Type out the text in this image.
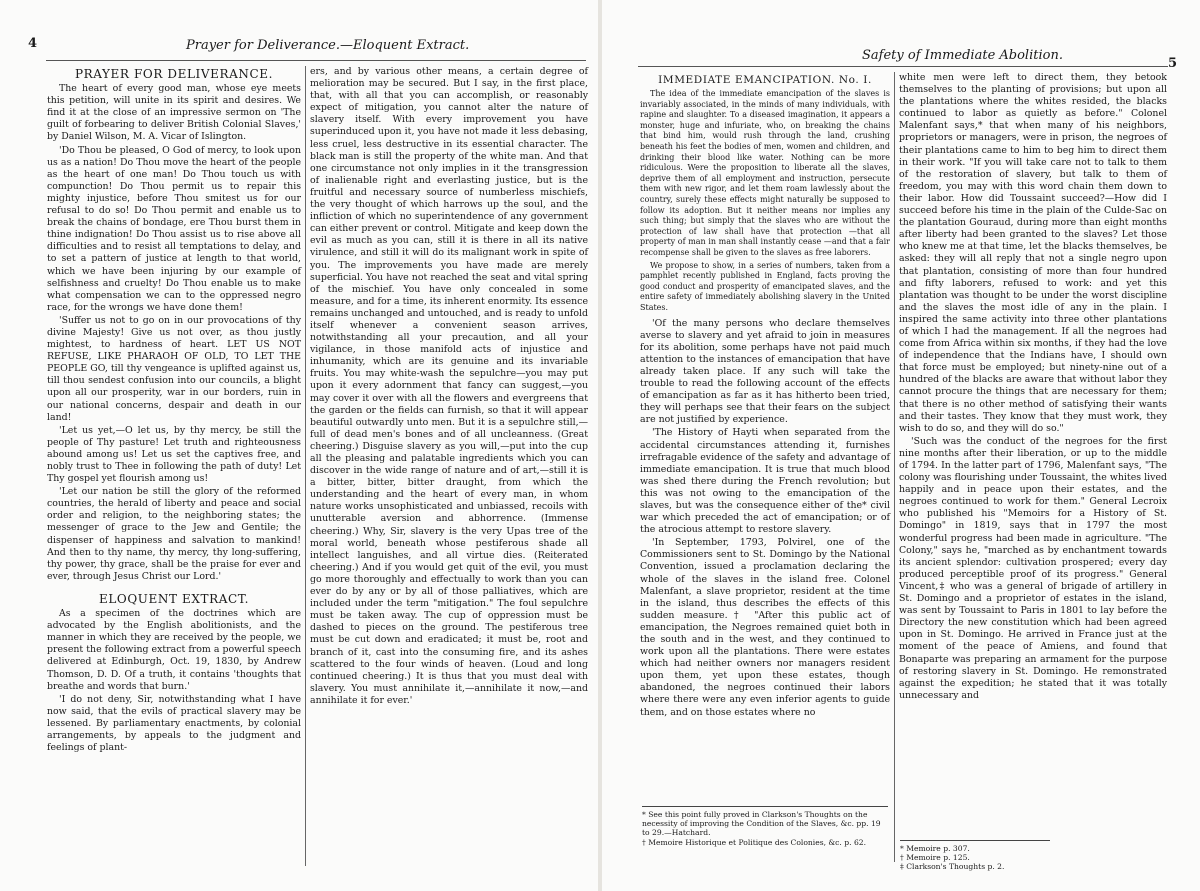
4	Prayer for Deliverance.—Eloquent Extract.
PRAYER FOR DELIVERANCE.

The heart of every good man, whose eye meets this petition, will unite in its spirit and desires. We find it at the close of an impressive sermon on 'The guilt of forbearing to deliver British Colonial Slaves,' by Daniel Wilson, M. A. Vicar of Islington.

'Do Thou be pleased, O God of mercy, to look upon us as a nation! Do Thou move the heart of the people as the heart of one man! Do Thou touch us with compunction! Do Thou permit us to repair this mighty injustice, before Thou smitest us for our refusal to do so! Do Thou permit and enable us to break the chains of bondage, ere Thou burst them in thine indignation! Do Thou assist us to rise above all difficulties and to resist all temptations to delay, and to set a pattern of justice at length to that world, which we have been injuring by our example of selfishness and cruelty! Do Thou enable us to make what compensation we can to the oppressed negro race, for the wrongs we have done them!

'Suffer us not to go on in our provocations of thy divine Majesty! Give us not over, as thou justly mightest, to hardness of heart. LET US NOT REFUSE, LIKE PHARAOH OF OLD, TO LET THE PEOPLE GO, till thy vengeance is uplifted against us, till thou sendest confusion into our councils, a blight upon all our prosperity, war in our borders, ruin in our national concerns, despair and death in our land!

'Let us yet,—O let us, by thy mercy, be still the people of Thy pasture! Let truth and righteousness abound among us! Let us set the captives free, and nobly trust to Thee in following the path of duty! Let Thy gospel yet flourish among us!

'Let our nation be still the glory of the reformed countries, the herald of liberty and peace and social order and religion, to the neighboring states; the messenger of grace to the Jew and Gentile; the dispenser of happiness and salvation to mankind! And then to thy name, thy mercy, thy long-suffering, thy power, thy grace, shall be the praise for ever and ever, through Jesus Christ our Lord.'

ELOQUENT EXTRACT.

As a specimen of the doctrines which are advocated by the English abolitionists, and the manner in which they are received by the people, we present the following extract from a powerful speech delivered at Edinburgh, Oct. 19, 1830, by Andrew Thomson, D. D. Of a truth, it contains 'thoughts that breathe and words that burn.'

'I do not deny, Sir, notwithstanding what I have now said, that the evils of practical slavery may be lessened. By parliamentary enactments, by colonial arrangements, by appeals to the judgment and feelings of plant-

ers, and by various other means, a certain degree of melioration may be secured. But I say, in the first place, that, with all that you can accomplish, or reasonably expect of mitigation, you cannot alter the nature of slavery itself. With every improvement you have superinduced upon it, you have not made it less debasing, less cruel, less destructive in its essential character. The black man is still the property of the white man. And that one circumstance not only implies in it the transgression of inalienable right and everlasting justice, but is the fruitful and necessary source of numberless mischiefs, the very thought of which harrows up the soul, and the infliction of which no superintendence of any government can either prevent or control. Mitigate and keep down the evil as much as you can, still it is there in all its native virulence, and still it will do its malignant work in spite of you. The improvements you have made are merely superficial. You have not reached the seat and vital spring of the mischief. You have only concealed in some measure, and for a time, its inherent enormity. Its essence remains unchanged and untouched, and is ready to unfold itself whenever a convenient season arrives, notwithstanding all your precaution, and all your vigilance, in those manifold acts of injustice and inhumanity, which are its genuine and its invariable fruits. You may white-wash the sepulchre—you may put upon it every adornment that fancy can suggest,—you may cover it over with all the flowers and evergreens that the garden or the fields can furnish, so that it will appear beautiful outwardly unto men. But it is a sepulchre still,—full of dead men's bones and of all uncleanness. (Great cheering.) Disguise slavery as you will,—put into the cup all the pleasing and palatable ingredients which you can discover in the wide range of nature and of art,—still it is a bitter, bitter, bitter draught, from which the understanding and the heart of every man, in whom nature works unsophisticated and unbiassed, recoils with unutterable aversion and abhorrence. (Immense cheering.) Why, Sir, slavery is the very Upas tree of the moral world, beneath whose pestiferous shade all intellect languishes, and all virtue dies. (Reiterated cheering.) And if you would get quit of the evil, you must go more thoroughly and effectually to work than you can ever do by any or by all of those palliatives, which are included under the term "mitigation." The foul sepulchre must be taken away. The cup of oppression must be dashed to pieces on the ground. The pestiferous tree must be cut down and eradicated; it must be, root and branch of it, cast into the consuming fire, and its ashes scattered to the four winds of heaven. (Loud and long continued cheering.) It is thus that you must deal with slavery. You must annihilate it,—annihilate it now,—and annihilate it for ever.'

Safety of Immediate Abolition.
5
IMMEDIATE EMANCIPATION. No. I.

The idea of the immediate emancipation of the slaves is invariably associated, in the minds of many individuals, with rapine and slaughter. To a diseased imagination, it appears a monster, huge and infuriate, who, on breaking the chains that bind him, would rush through the land, crushing beneath his feet the bodies of men, women and children, and drinking their blood like water. Nothing can be more ridiculous. Were the proposition to liberate all the slaves, deprive them of all employment and instruction, persecute them with new rigor, and let them roam lawlessly about the country, surely these effects might naturally be supposed to follow its adoption. But it neither means nor implies any such thing; but simply that the slaves who are without the protection of law shall have that protection —that all property of man in man shall instantly cease —and that a fair recompense shall be given to the slaves as free laborers.

We propose to show, in a series of numbers, taken from a pamphlet recently published in England, facts proving the good conduct and prosperity of emancipated slaves, and the entire safety of immediately abolishing slavery in the United States.

'Of the many persons who declare themselves averse to slavery and yet afraid to join in measures for its abolition, some perhaps have not paid much attention to the instances of emancipation that have already taken place. If any such will take the trouble to read the following account of the effects of emancipation as far as it has hitherto been tried, they will perhaps see that their fears on the subject are not justified by experience.

'The History of Hayti when separated from the accidental circumstances attending it, furnishes irrefragable evidence of the safety and advantage of immediate emancipation. It is true that much blood was shed there during the French revolution; but this was not owing to the emancipation of the slaves, but was the consequence either of the* civil war which preceded the act of emancipation; or of the atrocious attempt to restore slavery.

'In September, 1793, Polvirel, one of the Commissioners sent to St. Domingo by the National Convention, issued a proclamation declaring the whole of the slaves in the island free. Colonel Malenfant, a slave proprietor, resident at the time in the island, thus describes the effects of this sudden measure.† "After this public act of emancipation, the Negroes remained quiet both in the south and in the west, and they continued to work upon all the plantations. There were estates which had neither owners nor managers resident upon them, yet upon these estates, though abandoned, the negroes continued their labors where there were any even inferior agents to guide them, and on those estates where no

* See this point fully proved in Clarkson's Thoughts on the necessity of improving the Condition of the Slaves, &c. pp. 19 to 29.—Hatchard.
† Memoire Historique et Politique des Colonies, &c. p. 62.

white men were left to direct them, they betook themselves to the planting of provisions; but upon all the plantations where the whites resided, the blacks continued to labor as quietly as before." Colonel Malenfant says,* that when many of his neighbors, proprietors or managers, were in prison, the negroes of their plantations came to him to beg him to direct them in their work. "If you will take care not to talk to them of the restoration of slavery, but talk to them of freedom, you may with this word chain them down to their labor. How did Toussaint succeed?—How did I succeed before his time in the plain of the Culde-Sac on the plantation Gouraud, during more than eight months after liberty had been granted to the slaves? Let those who knew me at that time, let the blacks themselves, be asked: they will all reply that not a single negro upon that plantation, consisting of more than four hundred and fifty laborers, refused to work: and yet this plantation was thought to be under the worst discipline and the slaves the most idle of any in the plain. I inspired the same activity into three other plantations of which I had the management. If all the negroes had come from Africa within six months, if they had the love of independence that the Indians have, I should own that force must be employed; but ninety-nine out of a hundred of the blacks are aware that without labor they cannot procure the things that are necessary for them; that there is no other method of satisfying their wants and their tastes. They know that they must work, they wish to do so, and they will do so."

'Such was the conduct of the negroes for the first nine months after their liberation, or up to the middle of 1794. In the latter part of 1796, Malenfant says, "The colony was flourishing under Toussaint, the whites lived happily and in peace upon their estates, and the negroes continued to work for them." General Lecroix who published his "Memoirs for a History of St. Domingo" in 1819, says that in 1797 the most wonderful progress had been made in agriculture. "The Colony," says he, "marched as by enchantment towards its ancient splendor: cultivation prospered; every day produced perceptible proof of its progress." General Vincent,‡ who was a general of brigade of artillery in St. Domingo and a proprietor of estates in the island, was sent by Toussaint to Paris in 1801 to lay before the Directory the new constitution which had been agreed upon in St. Domingo. He arrived in France just at the moment of the peace of Amiens, and found that Bonaparte was preparing an armament for the purpose of restoring slavery in St. Domingo. He remonstrated against the expedition; he stated that it was totally unnecessary and

* Memoire p. 307.
† Memoire p. 125.
‡ Clarkson's Thoughts p. 2.
